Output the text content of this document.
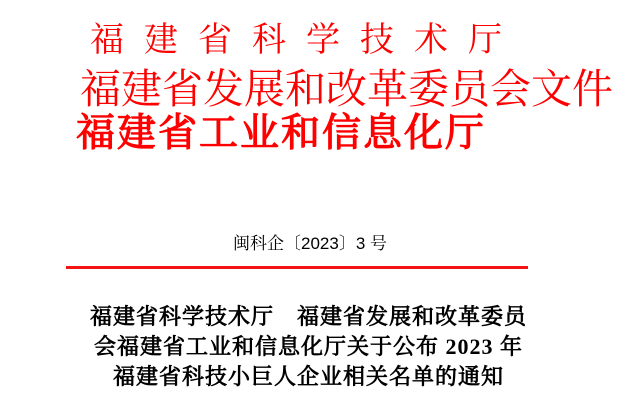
福建省科学技术厅
福建省发展和改革委员会文件
福建省工业和信息化厅
闽科企〔2023〕3 号
福建省科学技术厅　福建省发展和改革委员
会福建省工业和信息化厅关于公布 2023 年
福建省科技小巨人企业相关名单的通知
